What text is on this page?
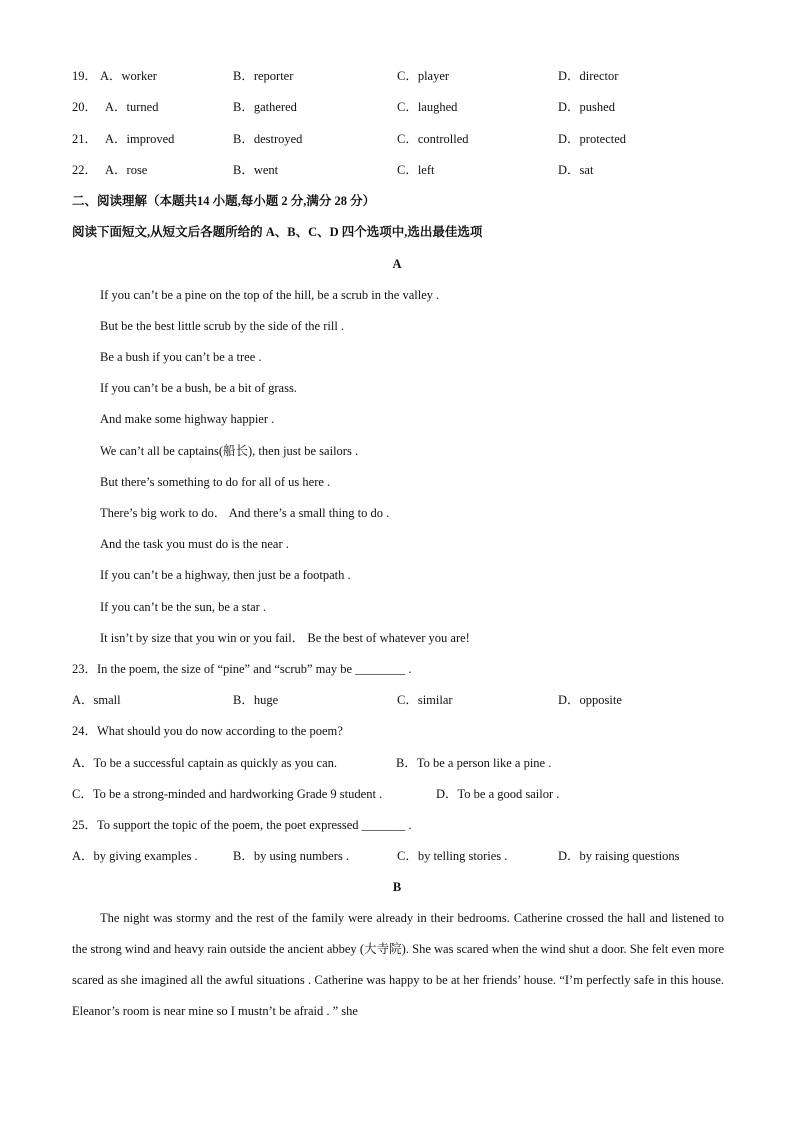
19． A．worker	B．reporter	C．player	D．director
20． A．turned	B．gathered	C．laughed	D．pushed
21． A．improved	B．destroyed	C．controlled	D．protected
22． A．rose	B．went	C．left	D．sat
二、阅读理解（本题共14 小题,每小题 2 分,满分 28 分）
阅读下面短文,从短文后各题所给的 A、B、C、D 四个选项中,选出最佳选项
A
If you can’t be a pine on the top of the hill, be a scrub in the valley .
But be the best little scrub by the side of the rill .
Be a bush if you can’t be a tree .
If you can’t be a bush, be a bit of grass.
And make some highway happier .
We can’t all be captains(船长), then just be sailors .
But there’s something to do for all of us here .
There’s big work to do． And there’s a small thing to do .
And the task you must do is the near .
If you can’t be a highway, then just be a footpath .
If you can’t be the sun, be a star .
It isn’t by size that you win or you fail． Be the best of whatever you are!
23．In the poem, the size of “pine” and “scrub” may be ________ .
A．small	B．huge	C．similar	D．opposite
24．What should you do now according to the poem?
A．To be a successful captain as quickly as you can.	B．To be a person like a pine .
C．To be a strong-minded and hardworking Grade 9 student .	D．To be a good sailor .
25．To support the topic of the poem, the poet expressed _______ .
A．by giving examples .	B．by using numbers .	C．by telling stories .	D．by raising questions
B
The night was stormy and the rest of the family were already in their bedrooms. Catherine crossed the hall and listened to the strong wind and heavy rain outside the ancient abbey (大寺院). She was scared when the wind shut a door. She felt even more scared as she imagined all the awful situations . Catherine was happy to be at her friends’ house. “I’m perfectly safe in this house. Eleanor’s room is near mine so I mustn’t be afraid . ” she
